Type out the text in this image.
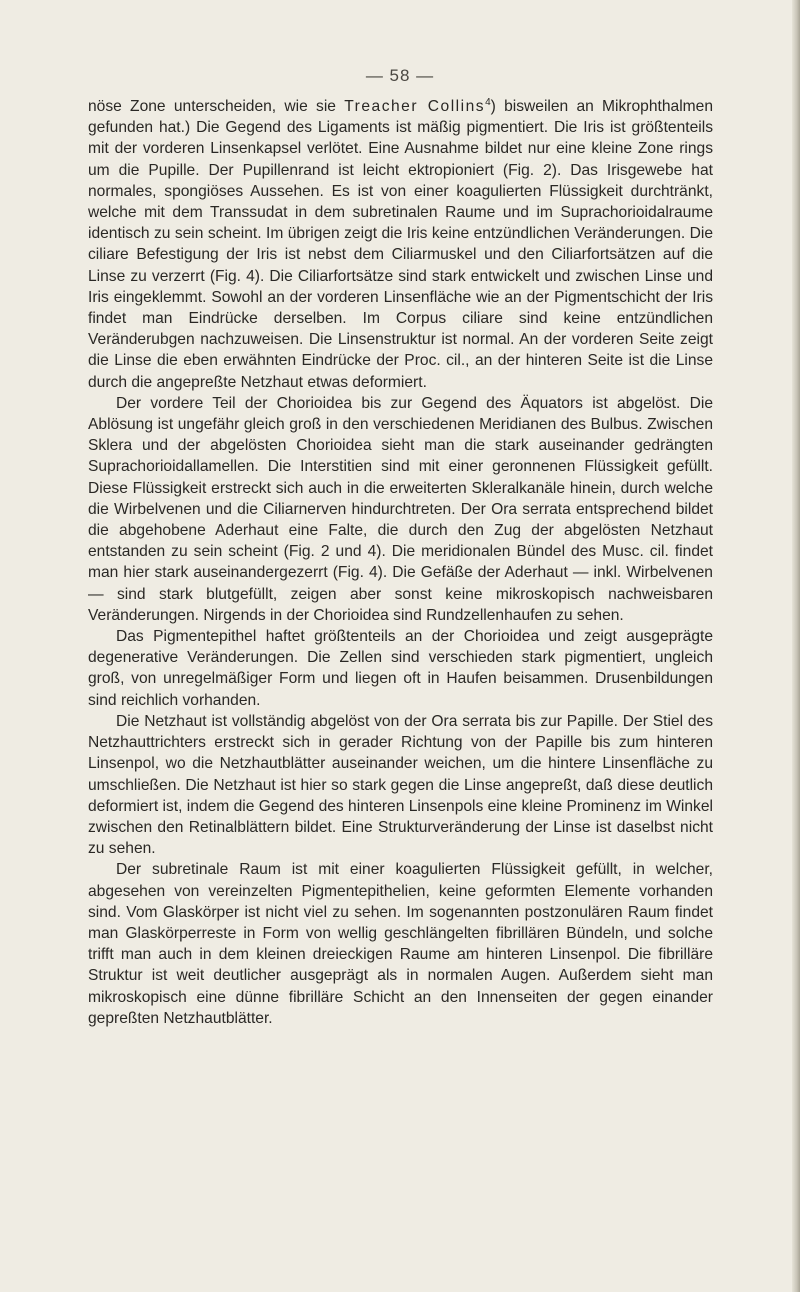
— 58 —

nöse Zone unterscheiden, wie sie Treacher Collins$^4$) bisweilen an Mikrophthalmen gefunden hat.) Die Gegend des Ligaments ist mäßig pigmentiert. Die Iris ist größtenteils mit der vorderen Linsenkapsel verlötet. Eine Ausnahme bildet nur eine kleine Zone rings um die Pupille. Der Pupillenrand ist leicht ektropioniert (Fig. 2). Das Irisgewebe hat normales, spongiöses Aussehen. Es ist von einer koagulierten Flüssigkeit durchtränkt, welche mit dem Transsudat in dem subretinalen Raume und im Suprachorioidalraume identisch zu sein scheint. Im übrigen zeigt die Iris keine entzündlichen Veränderungen. Die ciliare Befestigung der Iris ist nebst dem Ciliarmuskel und den Ciliarfortsätzen auf die Linse zu verzerrt (Fig. 4). Die Ciliarfortsätze sind stark entwickelt und zwischen Linse und Iris eingeklemmt. Sowohl an der vorderen Linsenfläche wie an der Pigmentschicht der Iris findet man Eindrücke derselben. Im Corpus ciliare sind keine entzündlichen Veränderubgen nachzuweisen. Die Linsenstruktur ist normal. An der vorderen Seite zeigt die Linse die eben erwähnten Eindrücke der Proc. cil., an der hinteren Seite ist die Linse durch die angepreßte Netzhaut etwas deformiert.

Der vordere Teil der Chorioidea bis zur Gegend des Äquators ist abgelöst. Die Ablösung ist ungefähr gleich groß in den verschiedenen Meridianen des Bulbus. Zwischen Sklera und der abgelösten Chorioidea sieht man die stark auseinander gedrängten Suprachorioidallamellen. Die Interstitien sind mit einer geronnenen Flüssigkeit gefüllt. Diese Flüssigkeit erstreckt sich auch in die erweiterten Skleralkanäle hinein, durch welche die Wirbelvenen und die Ciliarnerven hindurchtreten. Der Ora serrata entsprechend bildet die abgehobene Aderhaut eine Falte, die durch den Zug der abgelösten Netzhaut entstanden zu sein scheint (Fig. 2 und 4). Die meridionalen Bündel des Musc. cil. findet man hier stark auseinandergezerrt (Fig. 4). Die Gefäße der Aderhaut — inkl. Wirbelvenen — sind stark blutgefüllt, zeigen aber sonst keine mikroskopisch nachweisbaren Veränderungen. Nirgends in der Chorioidea sind Rundzellenhaufen zu sehen.

Das Pigmentepithel haftet größtenteils an der Chorioidea und zeigt ausgeprägte degenerative Veränderungen. Die Zellen sind verschieden stark pigmentiert, ungleich groß, von unregelmäßiger Form und liegen oft in Haufen beisammen. Drusenbildungen sind reichlich vorhanden.

Die Netzhaut ist vollständig abgelöst von der Ora serrata bis zur Papille. Der Stiel des Netzhauttrichters erstreckt sich in gerader Richtung von der Papille bis zum hinteren Linsenpol, wo die Netzhautblätter auseinander weichen, um die hintere Linsenfläche zu umschließen. Die Netzhaut ist hier so stark gegen die Linse angepreßt, daß diese deutlich deformiert ist, indem die Gegend des hinteren Linsenpols eine kleine Prominenz im Winkel zwischen den Retinalblättern bildet. Eine Strukturveränderung der Linse ist daselbst nicht zu sehen.

Der subretinale Raum ist mit einer koagulierten Flüssigkeit gefüllt, in welcher, abgesehen von vereinzelten Pigmentepithelien, keine geformten Elemente vorhanden sind. Vom Glaskörper ist nicht viel zu sehen. Im sogenannten postzonulären Raum findet man Glaskörperreste in Form von wellig geschlängelten fibrillären Bündeln, und solche trifft man auch in dem kleinen dreieckigen Raume am hinteren Linsenpol. Die fibrilläre Struktur ist weit deutlicher ausgeprägt als in normalen Augen. Außerdem sieht man mikroskopisch eine dünne fibrilläre Schicht an den Innenseiten der gegen einander gepreßten Netzhautblätter.
